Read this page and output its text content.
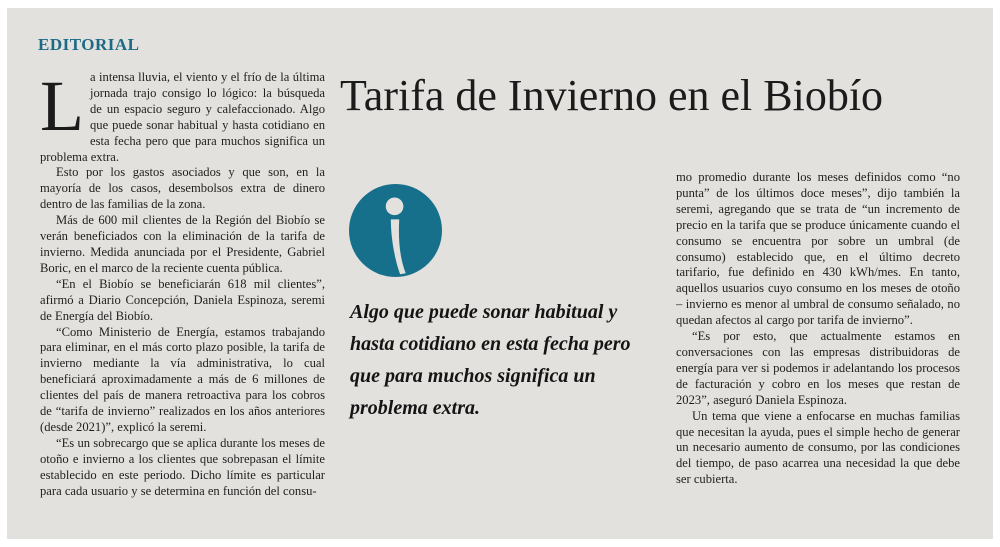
EDITORIAL
Tarifa de Invierno en el Biobío

La intensa lluvia, el viento y el frío de la última jornada trajo consigo lo lógico: la búsqueda de un espacio seguro y calefaccionado. Algo que puede sonar habitual y hasta cotidiano en esta fecha pero que para muchos significa un problema extra.

Esto por los gastos asociados y que son, en la mayoría de los casos, desembolsos extra de dinero dentro de las familias de la zona.

Más de 600 mil clientes de la Región del Biobío se verán beneficiados con la eliminación de la tarifa de invierno. Medida anunciada por el Presidente, Gabriel Boric, en el marco de la reciente cuenta pública.

“En el Biobío se beneficiarán 618 mil clientes”, afirmó a Diario Concepción, Daniela Espinoza, seremi de Energía del Biobío.

“Como Ministerio de Energía, estamos trabajando para eliminar, en el más corto plazo posible, la tarifa de invierno mediante la vía administrativa, lo cual beneficiará aproximadamente a más de 6 millones de clientes del país de manera retroactiva para los cobros de “tarifa de invierno” realizados en los años anteriores (desde 2021)”, explicó la seremi.

“Es un sobrecargo que se aplica durante los meses de otoño e invierno a los clientes que sobrepasan el límite establecido en este periodo. Dicho límite es particular para cada usuario y se determina en función del consu-

Algo que puede sonar habitual y hasta cotidiano en esta fecha pero que para muchos significa un problema extra.

mo promedio durante los meses definidos como “no punta” de los últimos doce meses”, dijo también la seremi, agregando que se trata de “un incremento de precio en la tarifa que se produce únicamente cuando el consumo se encuentra por sobre un umbral (de consumo) establecido que, en el último decreto tarifario, fue definido en 430 kWh/mes. En tanto, aquellos usuarios cuyo consumo en los meses de otoño – invierno es menor al umbral de consumo señalado, no quedan afectos al cargo por tarifa de invierno”.

“Es por esto, que actualmente estamos en conversaciones con las empresas distribuidoras de energía para ver si podemos ir adelantando los procesos de facturación y cobro en los meses que restan de 2023”, aseguró Daniela Espinoza.

Un tema que viene a enfocarse en muchas familias que necesitan la ayuda, pues el simple hecho de generar un necesario aumento de consumo, por las condiciones del tiempo, de paso acarrea una necesidad la que debe ser cubierta.
